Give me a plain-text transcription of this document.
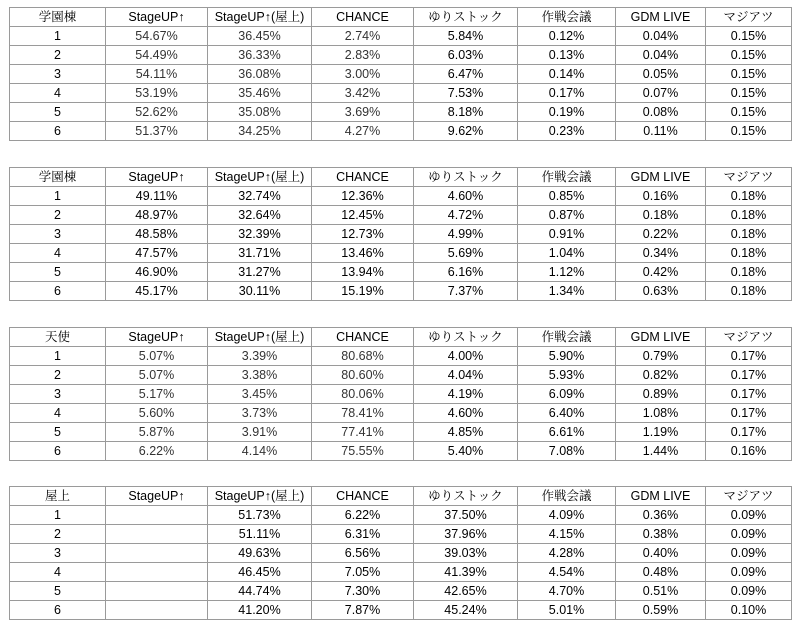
学園棟	StageUP↑	StageUP↑(屋上)	CHANCE	ゆりストック	作戦会議	GDM LIVE	マジアツ
1	54.67%	36.45%	2.74%	5.84%	0.12%	0.04%	0.15%
2	54.49%	36.33%	2.83%	6.03%	0.13%	0.04%	0.15%
3	54.11%	36.08%	3.00%	6.47%	0.14%	0.05%	0.15%
4	53.19%	35.46%	3.42%	7.53%	0.17%	0.07%	0.15%
5	52.62%	35.08%	3.69%	8.18%	0.19%	0.08%	0.15%
6	51.37%	34.25%	4.27%	9.62%	0.23%	0.11%	0.15%
学園棟	StageUP↑	StageUP↑(屋上)	CHANCE	ゆりストック	作戦会議	GDM LIVE	マジアツ
1	49.11%	32.74%	12.36%	4.60%	0.85%	0.16%	0.18%
2	48.97%	32.64%	12.45%	4.72%	0.87%	0.18%	0.18%
3	48.58%	32.39%	12.73%	4.99%	0.91%	0.22%	0.18%
4	47.57%	31.71%	13.46%	5.69%	1.04%	0.34%	0.18%
5	46.90%	31.27%	13.94%	6.16%	1.12%	0.42%	0.18%
6	45.17%	30.11%	15.19%	7.37%	1.34%	0.63%	0.18%
天使	StageUP↑	StageUP↑(屋上)	CHANCE	ゆりストック	作戦会議	GDM LIVE	マジアツ
1	5.07%	3.39%	80.68%	4.00%	5.90%	0.79%	0.17%
2	5.07%	3.38%	80.60%	4.04%	5.93%	0.82%	0.17%
3	5.17%	3.45%	80.06%	4.19%	6.09%	0.89%	0.17%
4	5.60%	3.73%	78.41%	4.60%	6.40%	1.08%	0.17%
5	5.87%	3.91%	77.41%	4.85%	6.61%	1.19%	0.17%
6	6.22%	4.14%	75.55%	5.40%	7.08%	1.44%	0.16%
屋上	StageUP↑	StageUP↑(屋上)	CHANCE	ゆりストック	作戦会議	GDM LIVE	マジアツ
1		51.73%	6.22%	37.50%	4.09%	0.36%	0.09%
2		51.11%	6.31%	37.96%	4.15%	0.38%	0.09%
3		49.63%	6.56%	39.03%	4.28%	0.40%	0.09%
4		46.45%	7.05%	41.39%	4.54%	0.48%	0.09%
5		44.74%	7.30%	42.65%	4.70%	0.51%	0.09%
6		41.20%	7.87%	45.24%	5.01%	0.59%	0.10%
